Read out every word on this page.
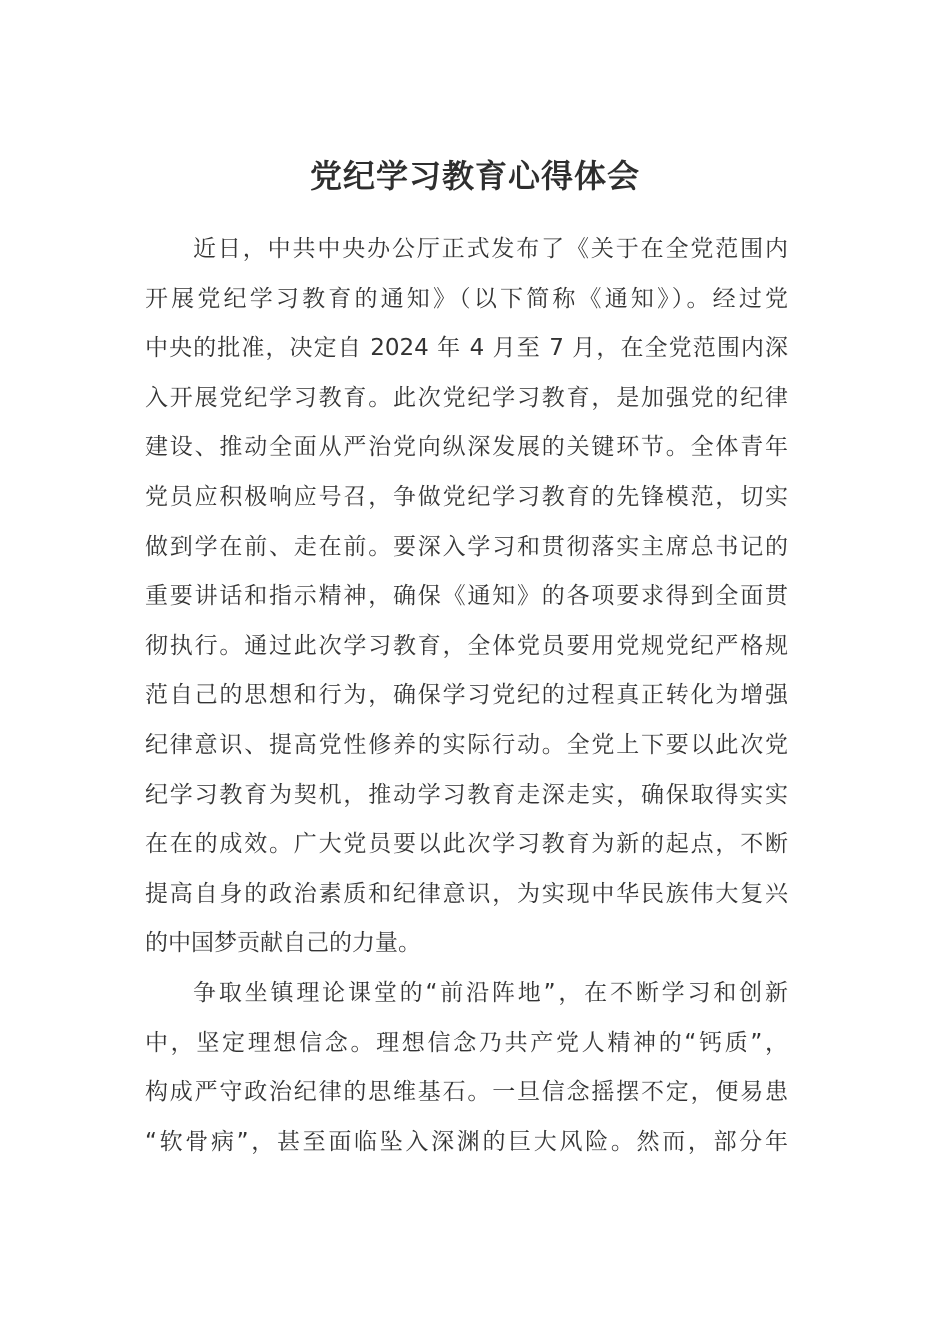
党纪学习教育心得体会

近日，中共中央办公厅正式发布了《关于在全党范围内
开展党纪学习教育的通知》（以下简称《通知》）。经过党
中央的批准，决定自 2024 年 4 月至 7 月，在全党范围内深
入开展党纪学习教育。此次党纪学习教育，是加强党的纪律
建设、推动全面从严治党向纵深发展的关键环节。全体青年
党员应积极响应号召，争做党纪学习教育的先锋模范，切实
做到学在前、走在前。要深入学习和贯彻落实主席总书记的
重要讲话和指示精神，确保《通知》的各项要求得到全面贯
彻执行。通过此次学习教育，全体党员要用党规党纪严格规
范自己的思想和行为，确保学习党纪的过程真正转化为增强
纪律意识、提高党性修养的实际行动。全党上下要以此次党
纪学习教育为契机，推动学习教育走深走实，确保取得实实
在在的成效。广大党员要以此次学习教育为新的起点，不断
提高自身的政治素质和纪律意识，为实现中华民族伟大复兴
的中国梦贡献自己的力量。

争取坐镇理论课堂的“前沿阵地”，在不断学习和创新
中，坚定理想信念。理想信念乃共产党人精神的“钙质”，
构成严守政治纪律的思维基石。一旦信念摇摆不定，便易患
“软骨病”，甚至面临坠入深渊的巨大风险。然而，部分年
